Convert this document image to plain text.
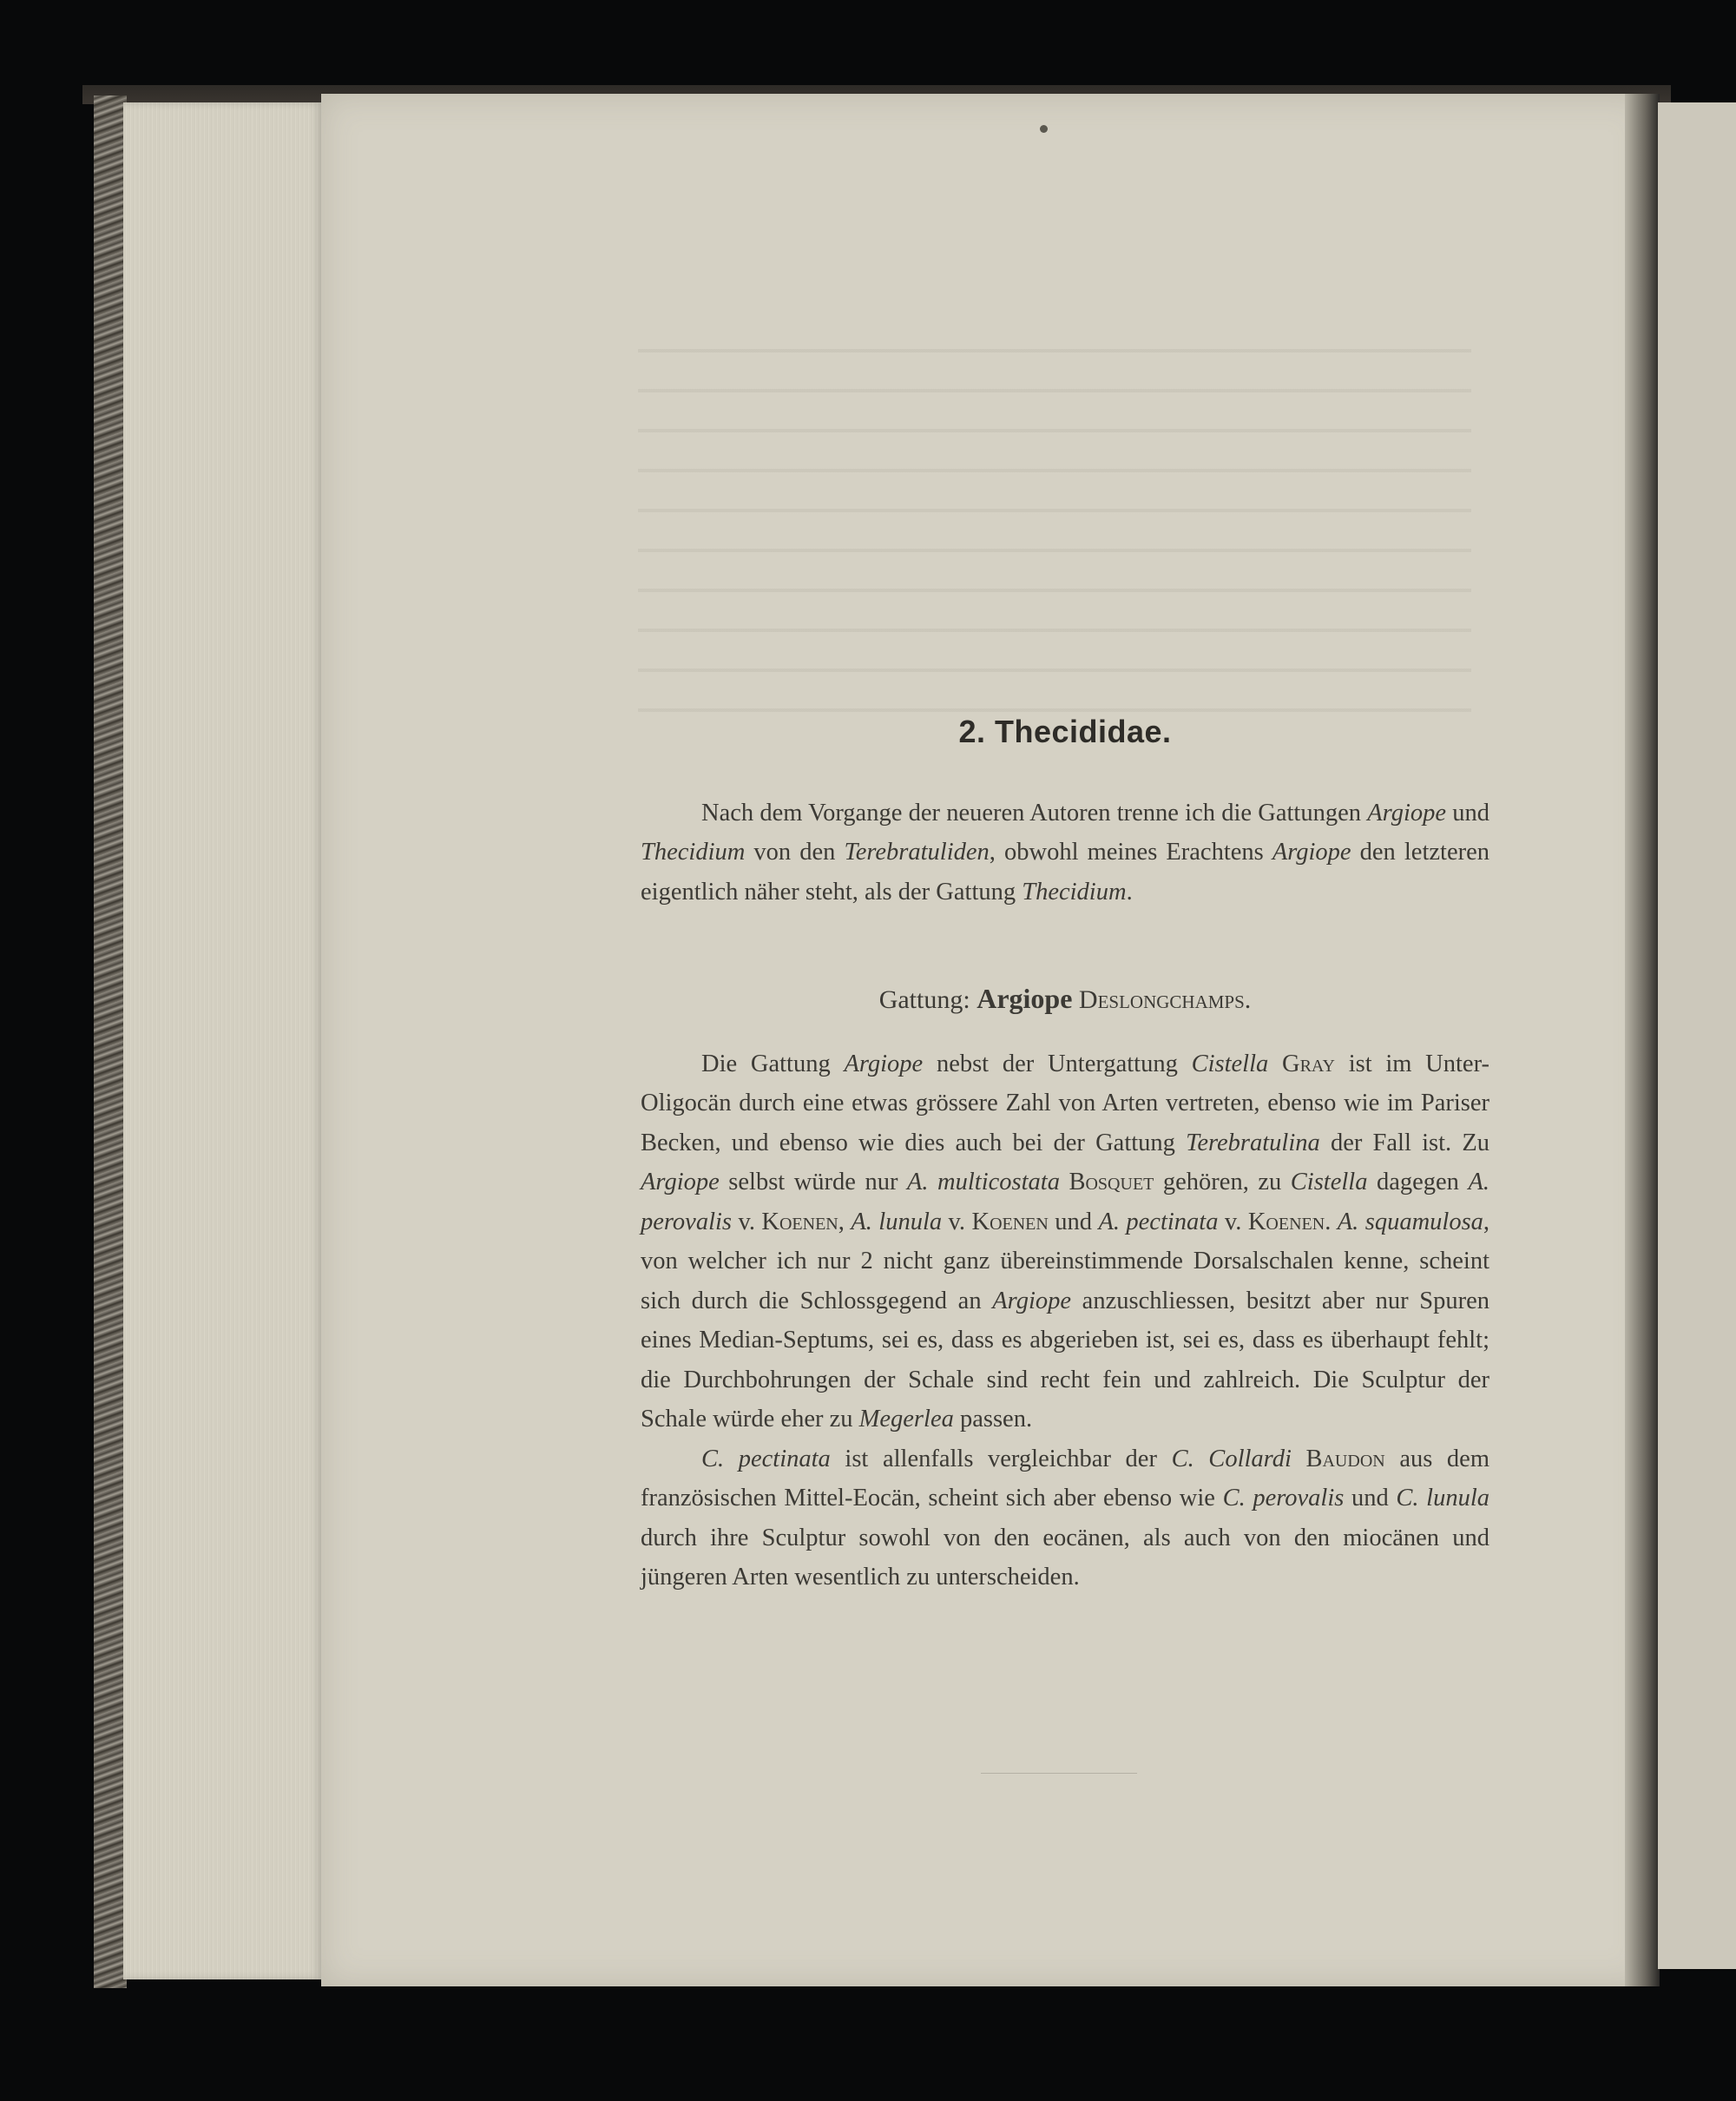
2. Thecididae.

Nach dem Vorgange der neueren Autoren trenne ich die Gattungen Argiope und Thecidium von den Terebratuliden, obwohl meines Erachtens Argiope den letzteren eigentlich näher steht, als der Gattung Thecidium.

Gattung: Argiope Deslongchamps.

Die Gattung Argiope nebst der Untergattung Cistella Gray ist im Unter-Oligocän durch eine etwas grössere Zahl von Arten vertreten, ebenso wie im Pariser Becken, und ebenso wie dies auch bei der Gattung Terebratulina der Fall ist. Zu Argiope selbst würde nur A. multicostata Bosquet gehören, zu Cistella dagegen A. perovalis v. Koenen, A. lunula v. Koenen und A. pectinata v. Koenen. A. squamulosa, von welcher ich nur 2 nicht ganz übereinstimmende Dorsalschalen kenne, scheint sich durch die Schlossgegend an Argiope anzuschliessen, besitzt aber nur Spuren eines Median-Septums, sei es, dass es abgerieben ist, sei es, dass es überhaupt fehlt; die Durchbohrungen der Schale sind recht fein und zahlreich. Die Sculptur der Schale würde eher zu Megerlea passen.

C. pectinata ist allenfalls vergleichbar der C. Collardi Baudon aus dem französischen Mittel-Eocän, scheint sich aber ebenso wie C. perovalis und C. lunula durch ihre Sculptur sowohl von den eocänen, als auch von den miocänen und jüngeren Arten wesentlich zu unterscheiden.
